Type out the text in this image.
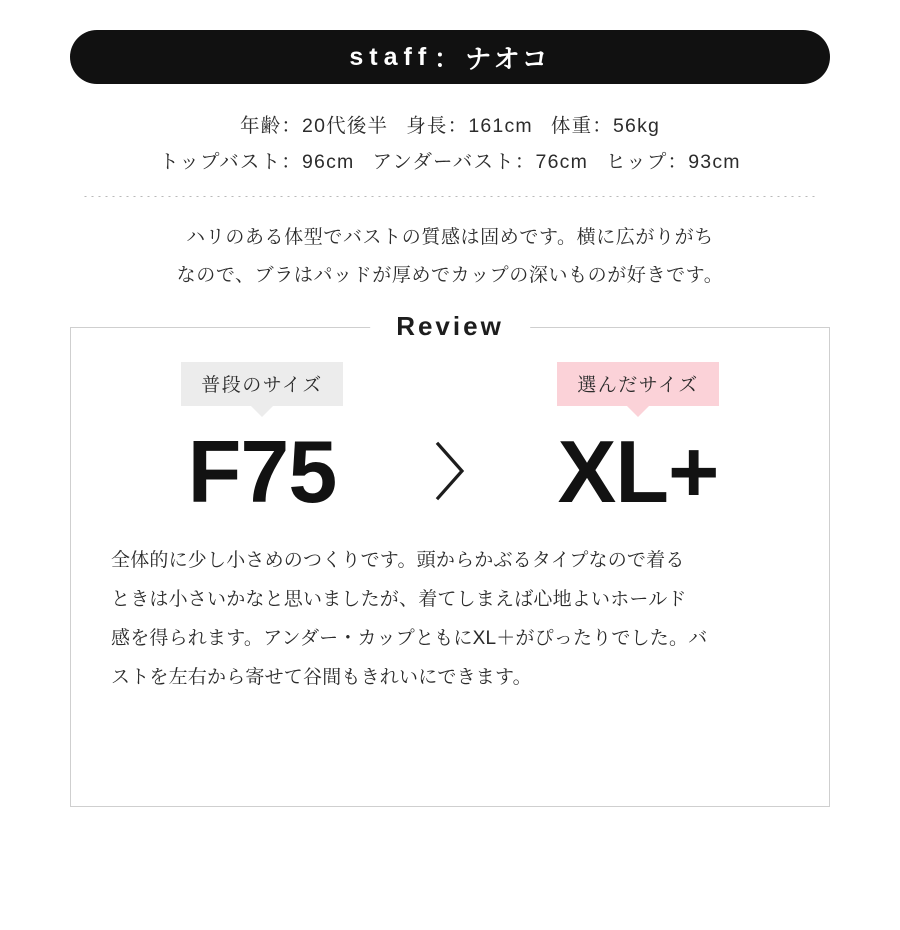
staff ： ナオコ
年齢：20代後半 身長：161cm 体重：56kg
トップバスト：96cm アンダーバスト：76cm ヒップ：93cm
ハリのある体型でバストの質感は固めです。横に広がりがち
なので、ブラはパッドが厚めでカップの深いものが好きです。
Review
普段のサイズ
F75
選んだサイズ
XL+
全体的に少し小さめのつくりです。頭からかぶるタイプなので着る
ときは小さいかなと思いましたが、着てしまえば心地よいホールド
感を得られます。アンダー・カップともにXL＋がぴったりでした。バ
ストを左右から寄せて谷間もきれいにできます。
